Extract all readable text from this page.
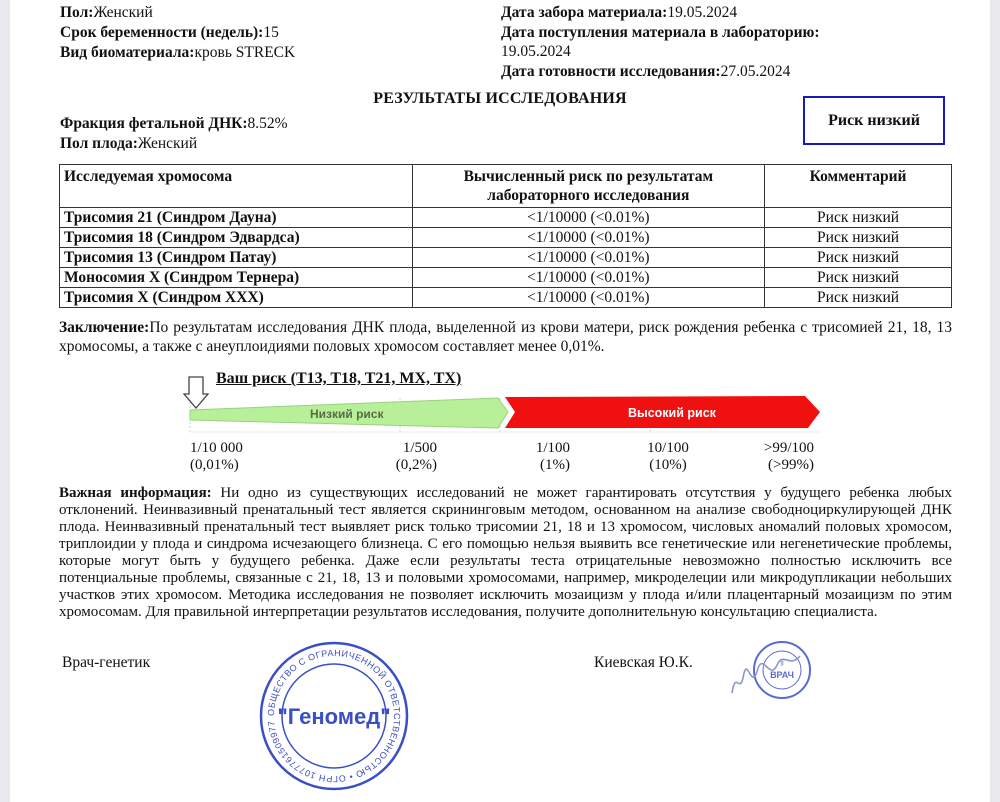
Пол:Женский
Срок беременности (недель):15
Вид биоматериала:кровь STRECK
Дата забора материала:19.05.2024
Дата поступления материала в лабораторию:
19.05.2024
Дата готовности исследования:27.05.2024
РЕЗУЛЬТАТЫ ИССЛЕДОВАНИЯ
Фракция фетальной ДНК:8.52%
Пол плода:Женский
Риск низкий
Исследуемая хромосома	Вычисленный риск по результатам лабораторного исследования	Комментарий
Трисомия 21 (Синдром Дауна)	<1/10000 (<0.01%)	Риск низкий
Трисомия 18 (Синдром Эдвардса)	<1/10000 (<0.01%)	Риск низкий
Трисомия 13 (Синдром Патау)	<1/10000 (<0.01%)	Риск низкий
Моносомия X (Синдром Тернера)	<1/10000 (<0.01%)	Риск низкий
Трисомия X (Синдром XXX)	<1/10000 (<0.01%)	Риск низкий
Заключение:По результатам исследования ДНК плода, выделенной из крови матери, риск рождения ребенка с трисомией 21, 18, 13 хромосомы, а также с анеуплоидиями половых хромосом составляет менее 0,01%.
Ваш риск (T13, T18, T21, MX, TX)
Низкий риск	Высокий риск
1/10 000
(0,01%)
1/500
(0,2%)
1/100
(1%)
10/100
(10%)
>99/100
(>99%)
Важная информация: Ни одно из существующих исследований не может гарантировать отсутствия у будущего ребенка любых отклонений. Неинвазивный пренатальный тест является скрининговым методом, основанном на анализе свободноциркулирующей ДНК плода. Неинвазивный пренатальный тест выявляет риск только трисомии 21, 18 и 13 хромосом, числовых аномалий половых хромосом, триплоидии у плода и синдрома исчезающего близнеца. С его помощью нельзя выявить все генетические или негенетические проблемы, которые могут быть у будущего ребенка. Даже если результаты теста отрицательные невозможно полностью исключить все потенциальные проблемы, связанные с 21, 18, 13 и половыми хромосомами, например, микроделеции или микродупликации небольших участков этих хромосом. Методика исследования не позволяет исключить мозаицизм у плода и/или плацентарный мозаицизм по этим хромосомам. Для правильной интерпретации результатов исследования, получите дополнительную консультацию специалиста.
Врач-генетик	Киевская Ю.К.
ОБЩЕСТВО С ОГРАНИЧЕННОЙ ОТВЕТСТВЕННОСТЬЮ • ОГРН 1077761509977 "Геномед"
ВРАЧ
⚕
